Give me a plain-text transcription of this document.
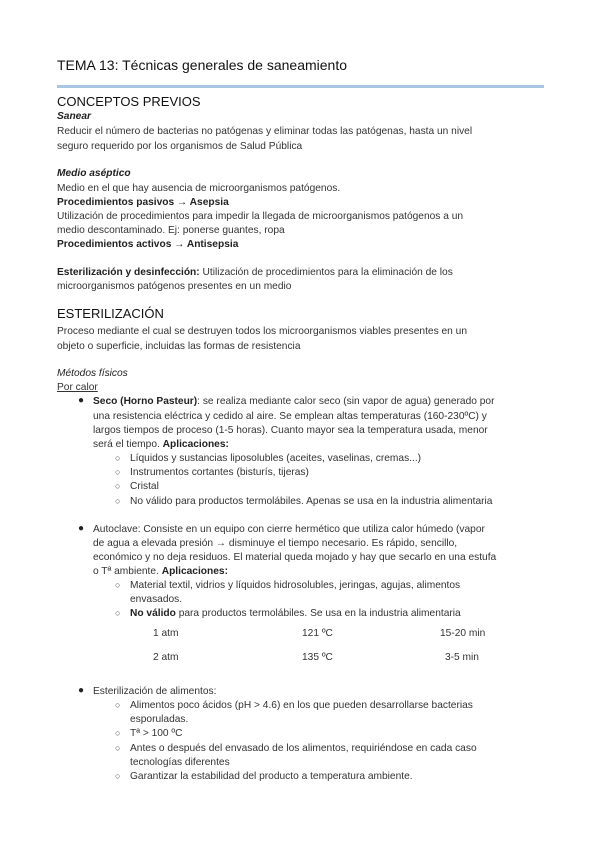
TEMA 13: Técnicas generales de saneamiento
CONCEPTOS PREVIOS
Sanear
Reducir el número de bacterias no patógenas y eliminar todas las patógenas, hasta un nivel
seguro requerido por los organismos de Salud Pública
Medio aséptico
Medio en el que hay ausencia de microorganismos patógenos.
Procedimientos pasivos → Asepsia
Utilización de procedimientos para impedir la llegada de microorganismos patógenos a un
medio descontaminado. Ej: ponerse guantes, ropa
Procedimientos activos → Antisepsia
Esterilización y desinfección: Utilización de procedimientos para la eliminación de los
microorganismos patógenos presentes en un medio
ESTERILIZACIÓN
Proceso mediante el cual se destruyen todos los microorganismos viables presentes en un
objeto o superficie, incluidas las formas de resistencia
Métodos físicos
Por calor
● Seco (Horno Pasteur): se realiza mediante calor seco (sin vapor de agua) generado por
una resistencia eléctrica y cedido al aire. Se emplean altas temperaturas (160-230ºC) y
largos tiempos de proceso (1-5 horas). Cuanto mayor sea la temperatura usada, menor
será el tiempo. Aplicaciones:
○ Líquidos y sustancias liposolubles (aceites, vaselinas, cremas...)
○ Instrumentos cortantes (bisturís, tijeras)
○ Cristal
○ No válido para productos termolábiles. Apenas se usa en la industria alimentaria
● Autoclave: Consiste en un equipo con cierre hermético que utiliza calor húmedo (vapor
de agua a elevada presión → disminuye el tiempo necesario. Es rápido, sencillo,
económico y no deja residuos. El material queda mojado y hay que secarlo en una estufa
o Tª ambiente. Aplicaciones:
○ Material textil, vidrios y líquidos hidrosolubles, jeringas, agujas, alimentos
envasados.
○ No válido para productos termolábiles. Se usa en la industria alimentaria
1 atm	121 ºC	15-20 min
2 atm	135 ºC	3-5 min
● Esterilización de alimentos:
○ Alimentos poco ácidos (pH > 4.6) en los que pueden desarrollarse bacterias
esporuladas.
○ Tª > 100 ºC
○ Antes o después del envasado de los alimentos, requiriéndose en cada caso
tecnologías diferentes
○ Garantizar la estabilidad del producto a temperatura ambiente.
